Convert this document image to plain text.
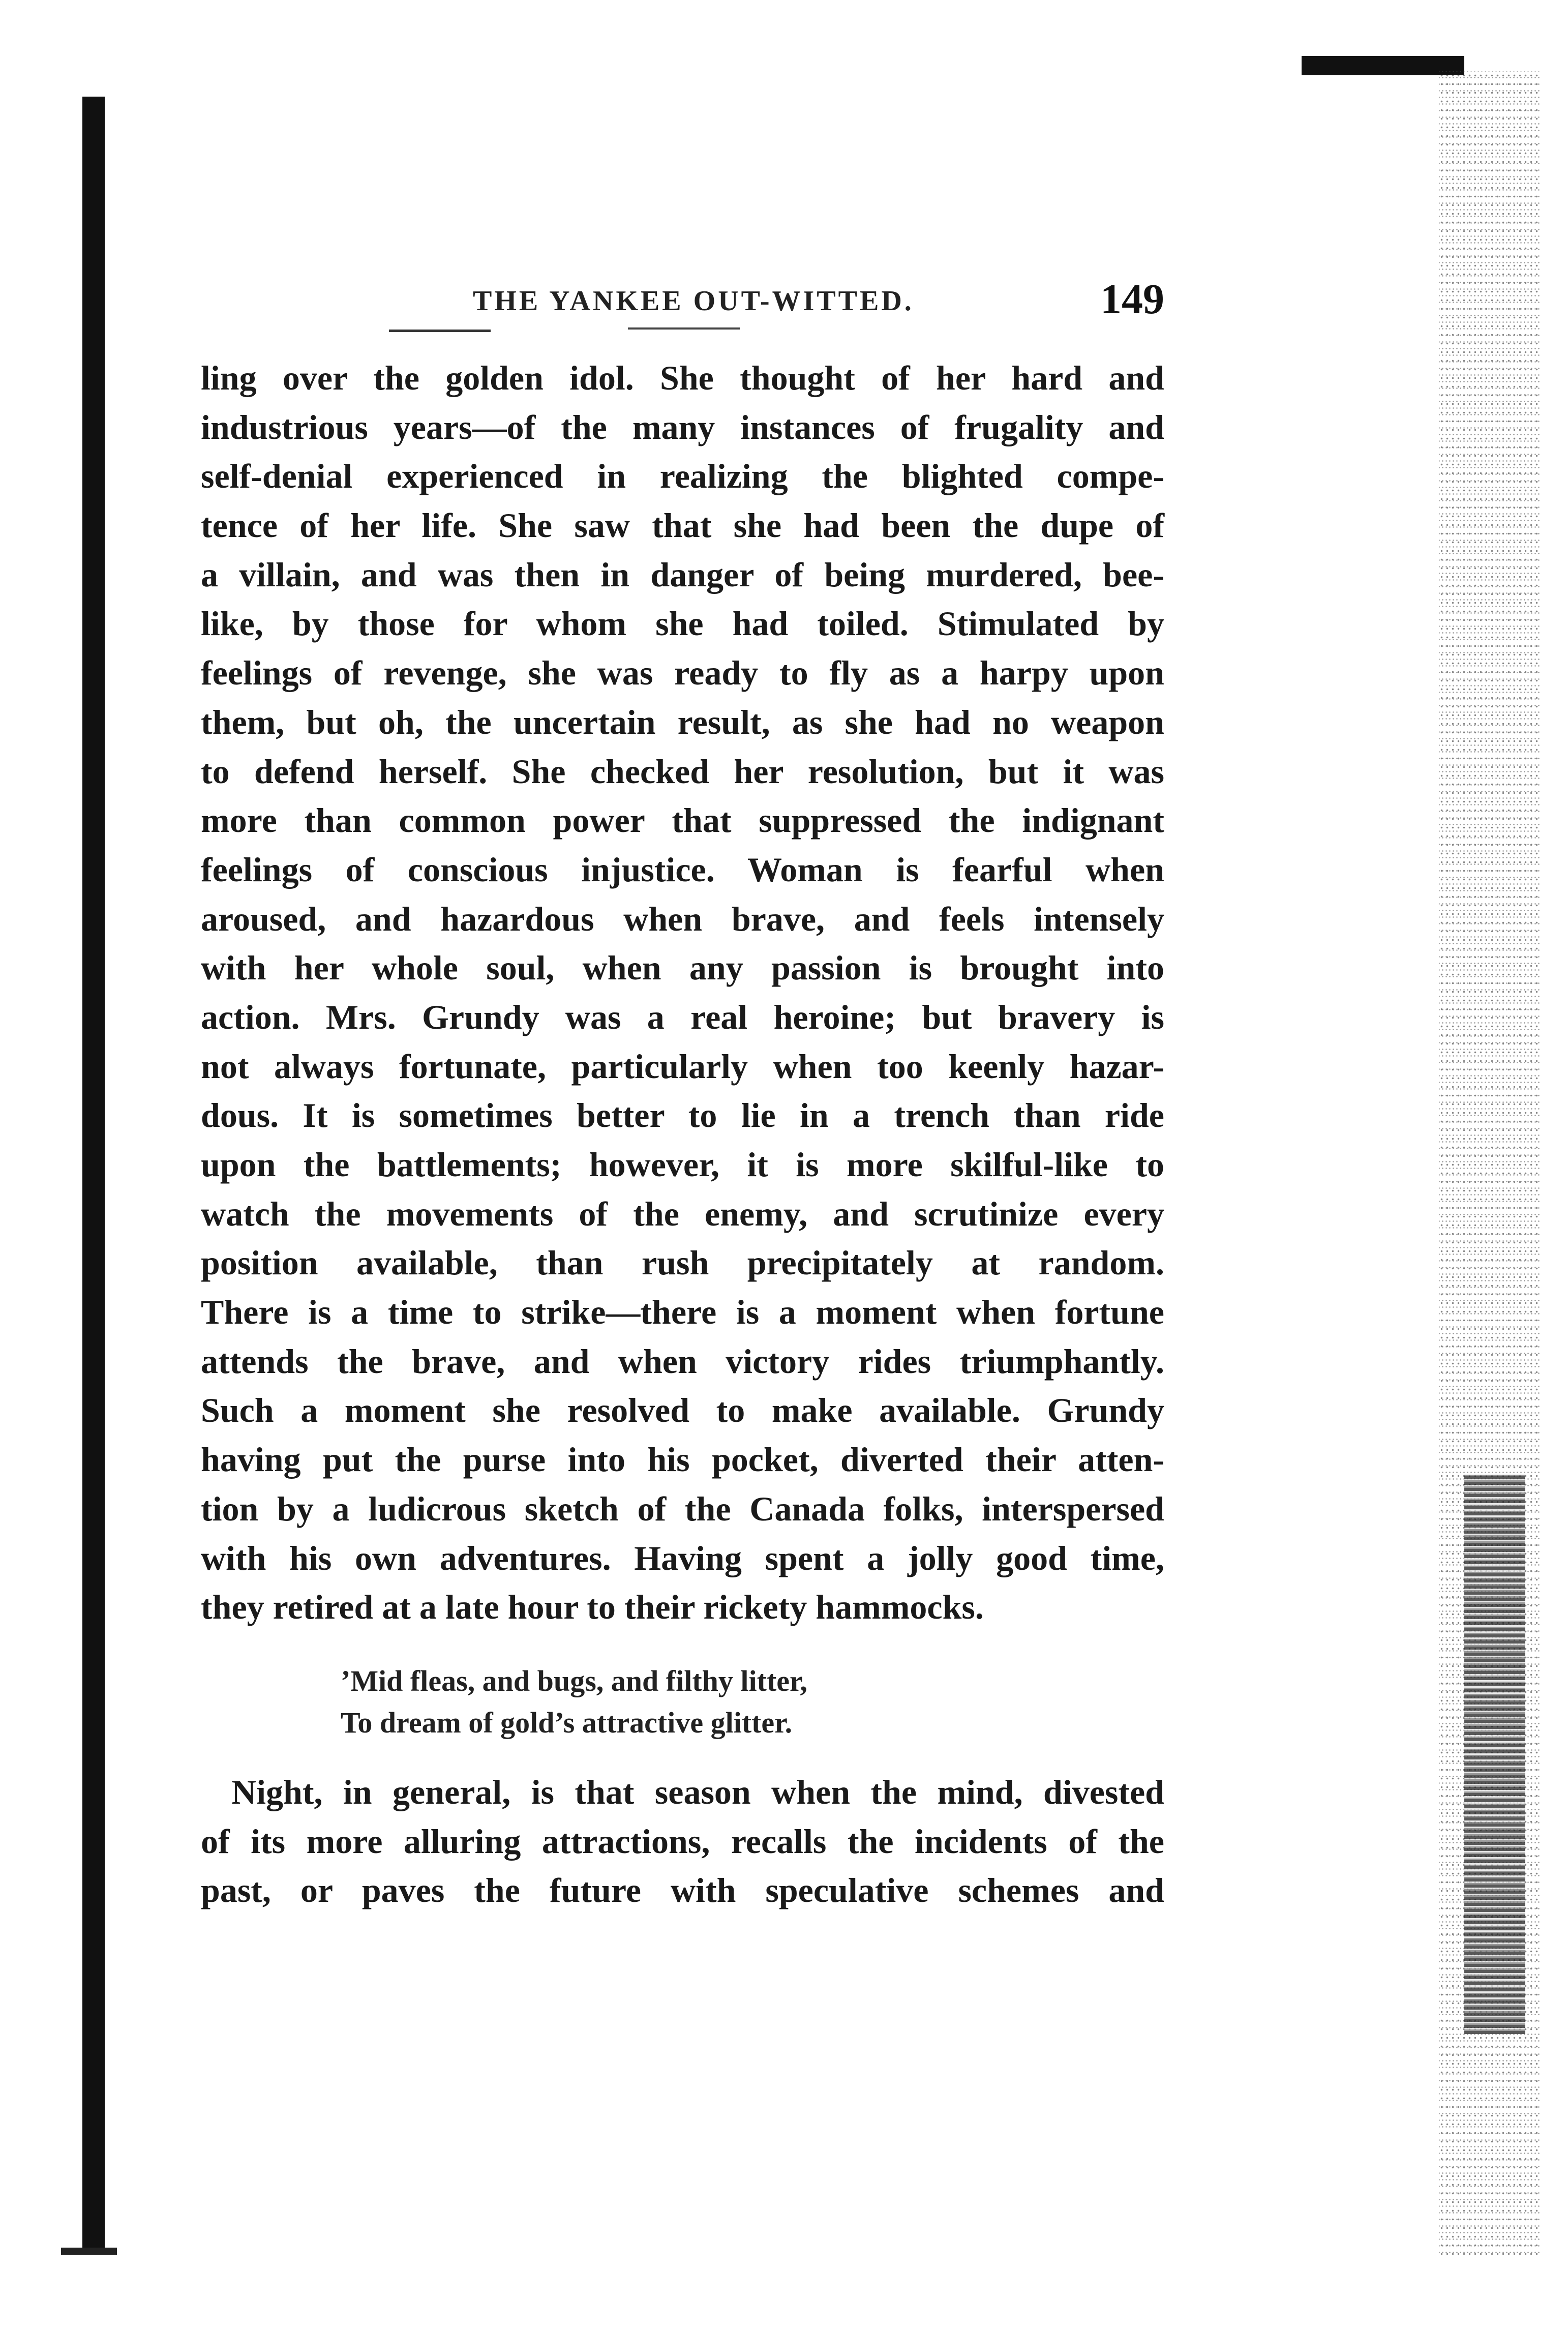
THE YANKEE OUT-WITTED.	149
ling over the golden idol. She thought of her hard and
industrious years—of the many instances of frugality and
self-denial experienced in realizing the blighted compe-
tence of her life. She saw that she had been the dupe of
a villain, and was then in danger of being murdered, bee-
like, by those for whom she had toiled. Stimulated by
feelings of revenge, she was ready to fly as a harpy upon
them, but oh, the uncertain result, as she had no weapon
to defend herself. She checked her resolution, but it was
more than common power that suppressed the indignant
feelings of conscious injustice. Woman is fearful when
aroused, and hazardous when brave, and feels intensely
with her whole soul, when any passion is brought into
action. Mrs. Grundy was a real heroine; but bravery is
not always fortunate, particularly when too keenly hazar-
dous. It is sometimes better to lie in a trench than ride
upon the battlements; however, it is more skilful-like to
watch the movements of the enemy, and scrutinize every
position available, than rush precipitately at random.
There is a time to strike—there is a moment when fortune
attends the brave, and when victory rides triumphantly.
Such a moment she resolved to make available. Grundy
having put the purse into his pocket, diverted their atten-
tion by a ludicrous sketch of the Canada folks, interspersed
with his own adventures. Having spent a jolly good time,
they retired at a late hour to their rickety hammocks.
’Mid fleas, and bugs, and filthy litter,
To dream of gold’s attractive glitter.
Night, in general, is that season when the mind, divested
of its more alluring attractions, recalls the incidents of the
past, or paves the future with speculative schemes and
